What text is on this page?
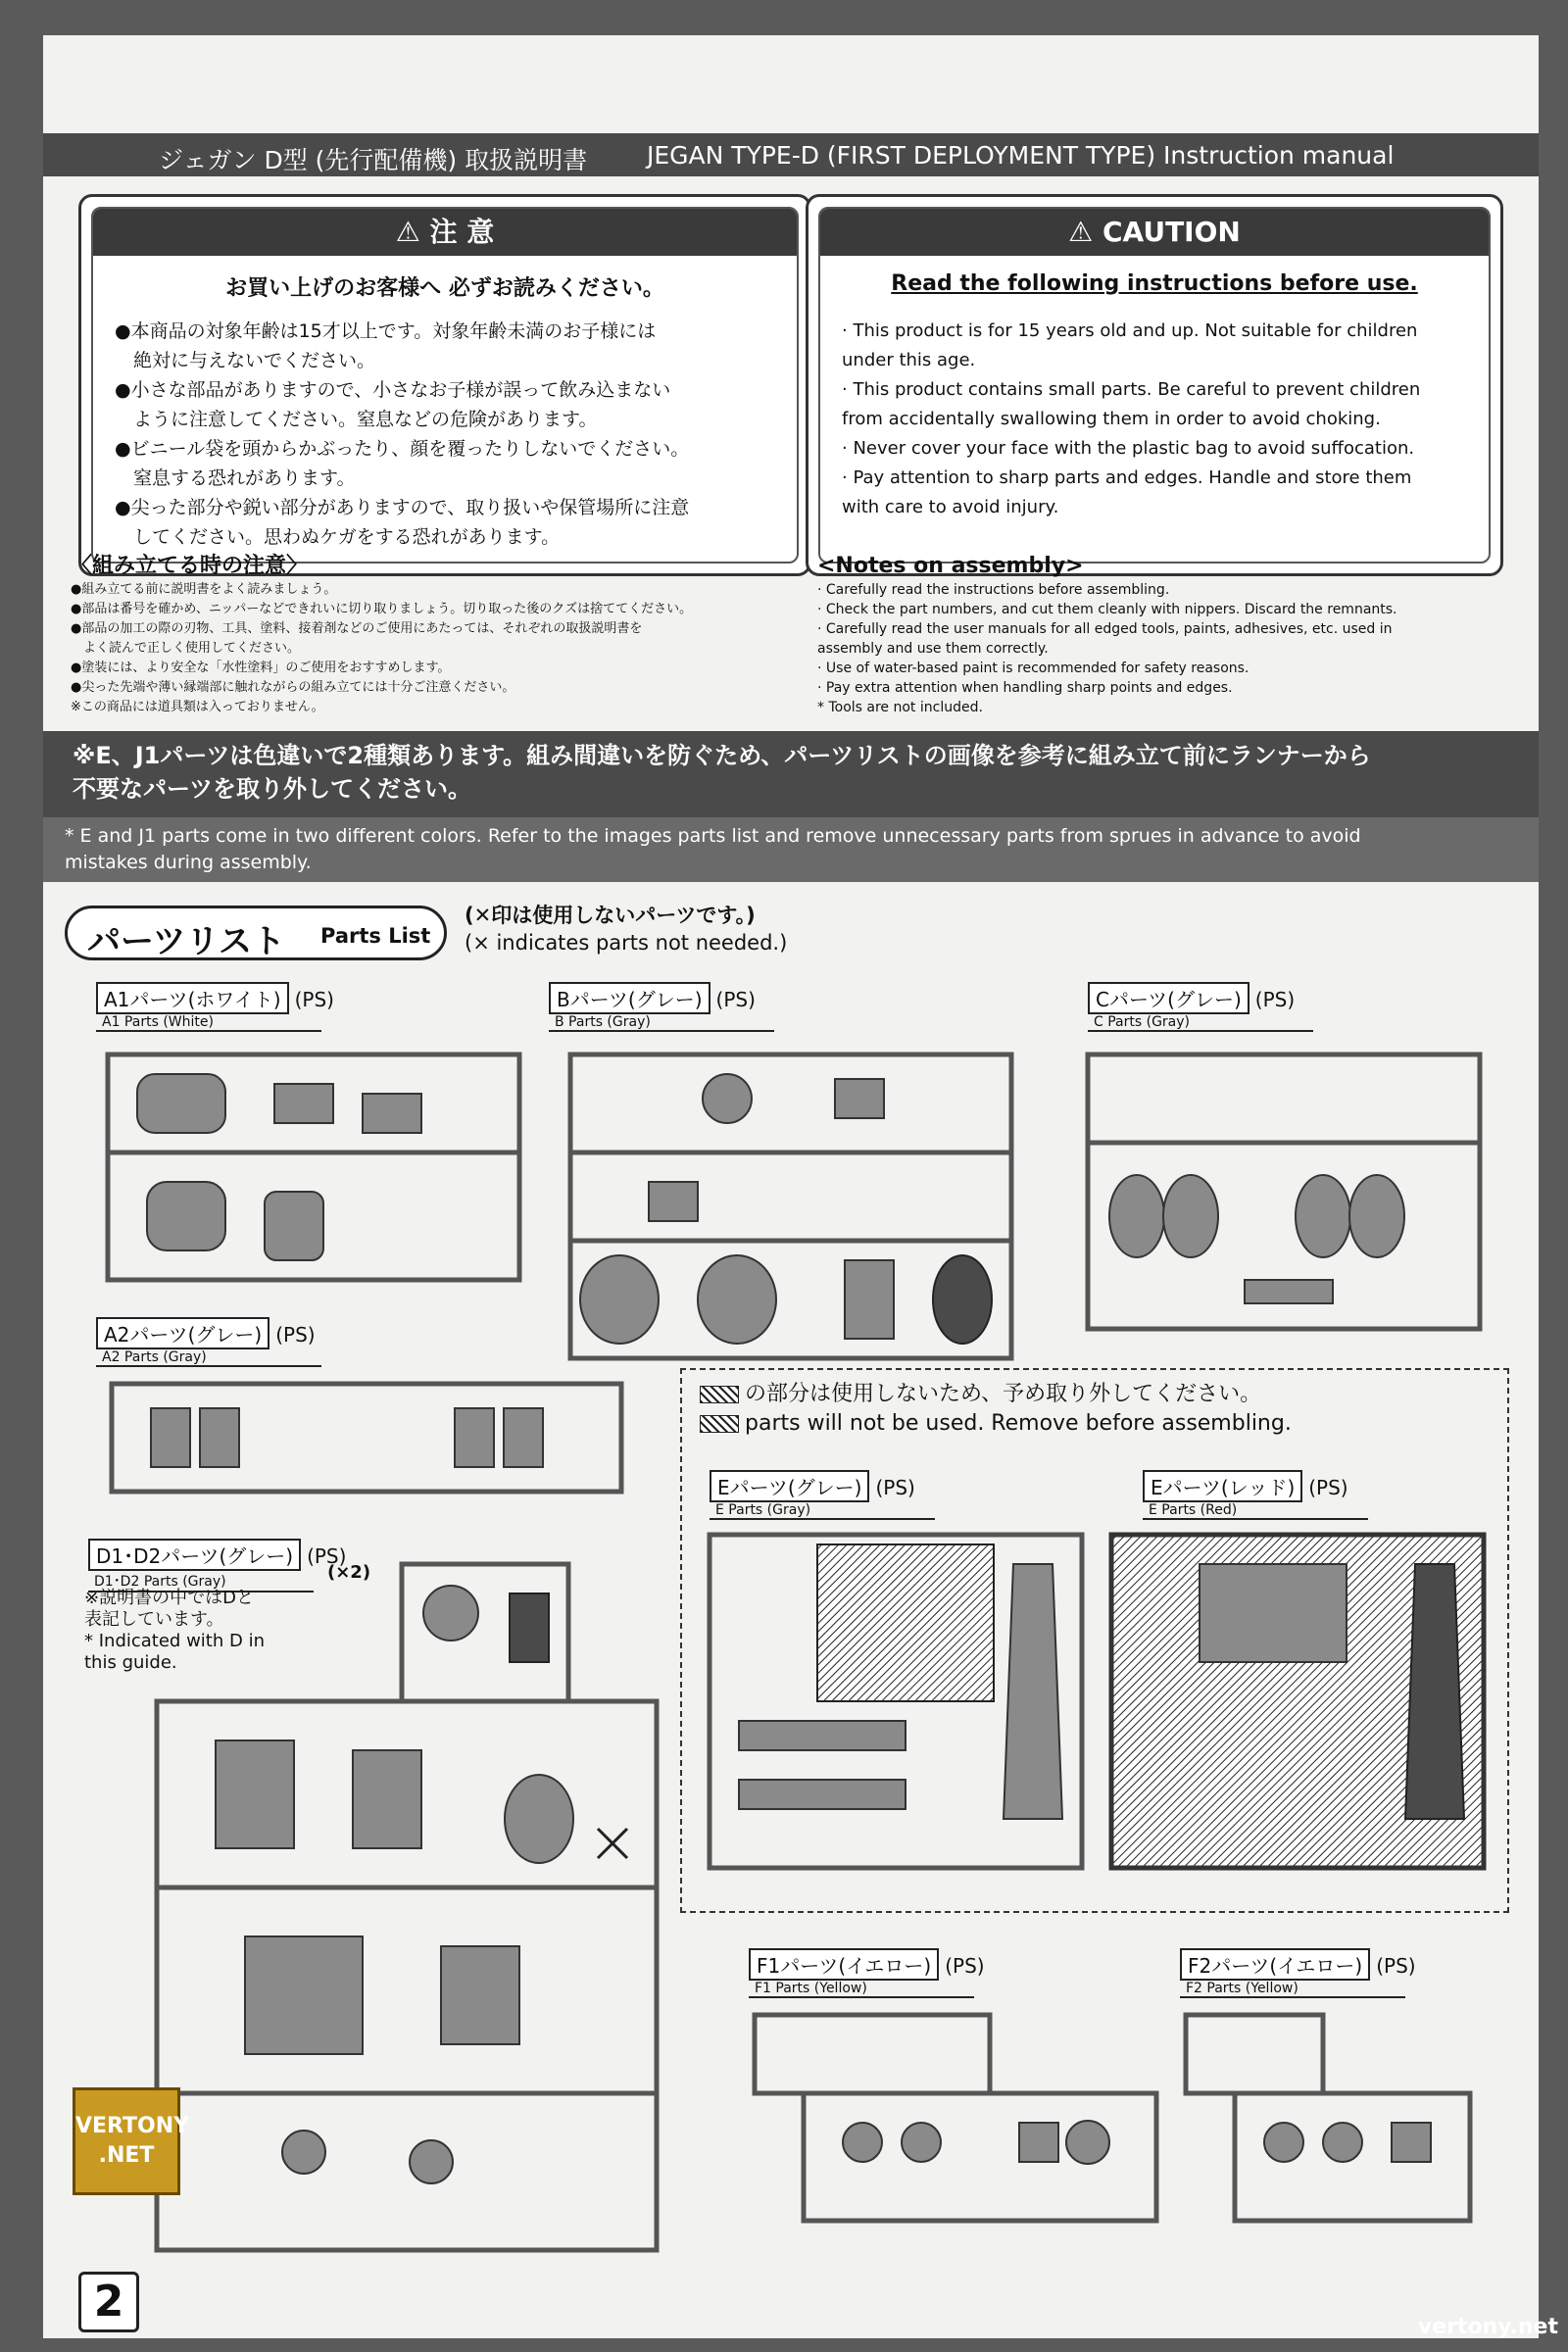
ジェガン D型 (先行配備機) 取扱説明書 JEGAN TYPE-D (FIRST DEPLOYMENT TYPE) Instruction manual
⚠ 注 意
お買い上げのお客様へ 必ずお読みください。
●本商品の対象年齢は15才以上です。対象年齢未満のお子様には
　絶対に与えないでください。
●小さな部品がありますので、小さなお子様が誤って飲み込まない
　ように注意してください。窒息などの危険があります。
●ビニール袋を頭からかぶったり、顔を覆ったりしないでください。
　窒息する恐れがあります。
●尖った部分や鋭い部分がありますので、取り扱いや保管場所に注意
　してください。思わぬケガをする恐れがあります。
⚠ CAUTION
Read the following instructions before use.
· This product is for 15 years old and up. Not suitable for children
under this age.
· This product contains small parts. Be careful to prevent children
from accidentally swallowing them in order to avoid choking.
· Never cover your face with the plastic bag to avoid suffocation.
· Pay attention to sharp parts and edges. Handle and store them
with care to avoid injury.
〈組み立てる時の注意〉
●組み立てる前に説明書をよく読みましょう。
●部品は番号を確かめ、ニッパーなどできれいに切り取りましょう。切り取った後のクズは捨ててください。
●部品の加工の際の刃物、工具、塗料、接着剤などのご使用にあたっては、それぞれの取扱説明書を
　よく読んで正しく使用してください。
●塗装には、より安全な「水性塗料」のご使用をおすすめします。
●尖った先端や薄い縁端部に触れながらの組み立てには十分ご注意ください。
※この商品には道具類は入っておりません。
<Notes on assembly>
· Carefully read the instructions before assembling.
· Check the part numbers, and cut them cleanly with nippers. Discard the remnants.
· Carefully read the user manuals for all edged tools, paints, adhesives, etc. used in
assembly and use them correctly.
· Use of water-based paint is recommended for safety reasons.
· Pay extra attention when handling sharp points and edges.
* Tools are not included.
※E、J1パーツは色違いで2種類あります。組み間違いを防ぐため、パーツリストの画像を参考に組み立て前にランナーから
不要なパーツを取り外してください。
* E and J1 parts come in two different colors. Refer to the images parts list and remove unnecessary parts from sprues in advance to avoid
mistakes during assembly.
パーツリスト Parts List
(✕印は使用しないパーツです。)
(× indicates parts not needed.)
A1パーツ(ホワイト) (PS)
A1 Parts (White)
Bパーツ(グレー) (PS)
B Parts (Gray)
Cパーツ(グレー) (PS)
C Parts (Gray)
A2パーツ(グレー) (PS)
A2 Parts (Gray)
D1･D2パーツ(グレー) (PS)
D1･D2 Parts (Gray)	(×2)
※説明書の中ではDと
表記しています。
* Indicated with D in
this guide.
の部分は使用しないため、予め取り外してください。
parts will not be used. Remove before assembling.
Eパーツ(グレー) (PS)
E Parts (Gray)
Eパーツ(レッド) (PS)
E Parts (Red)
F1パーツ(イエロー) (PS)
F1 Parts (Yellow)
F2パーツ(イエロー) (PS)
F2 Parts (Yellow)
VERTONY
.NET
2
vertony.net
